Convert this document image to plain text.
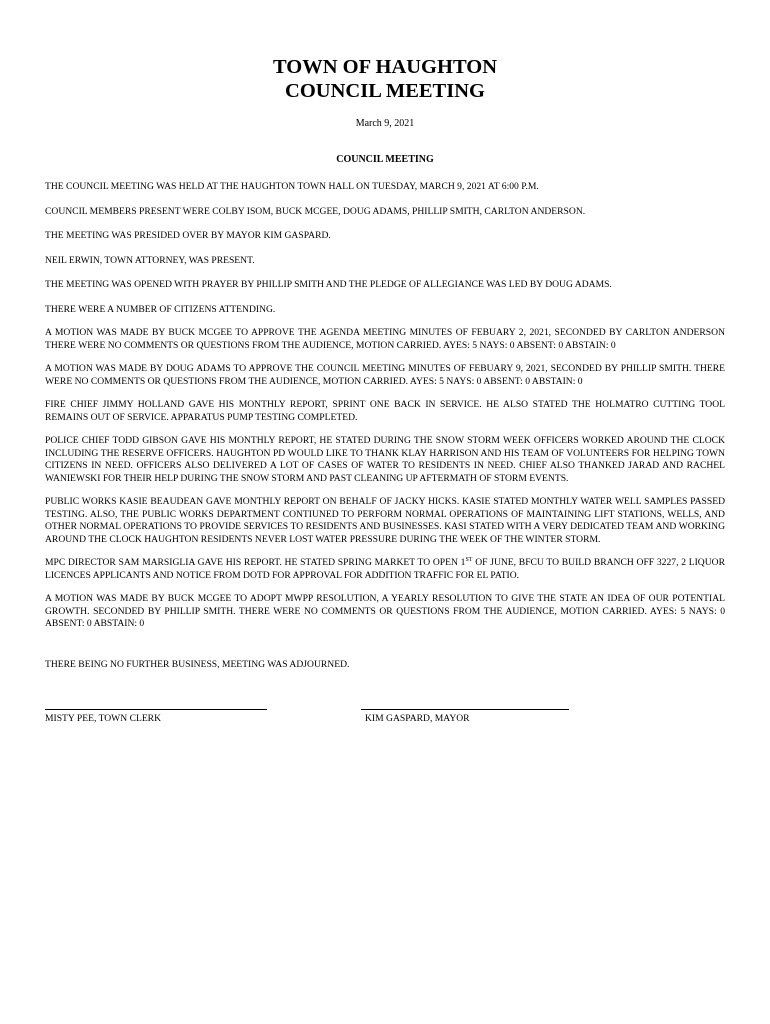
TOWN OF HAUGHTON
COUNCIL MEETING
March 9, 2021
COUNCIL MEETING

THE COUNCIL MEETING WAS HELD AT THE HAUGHTON TOWN HALL ON TUESDAY, MARCH 9, 2021 AT 6:00 P.M.

COUNCIL MEMBERS PRESENT WERE COLBY ISOM, BUCK MCGEE, DOUG ADAMS, PHILLIP SMITH, CARLTON ANDERSON.

THE MEETING WAS PRESIDED OVER BY MAYOR KIM GASPARD.

NEIL ERWIN, TOWN ATTORNEY, WAS PRESENT.

THE MEETING WAS OPENED WITH PRAYER BY PHILLIP SMITH AND THE PLEDGE OF ALLEGIANCE WAS LED BY DOUG ADAMS.

THERE WERE A NUMBER OF CITIZENS ATTENDING.

A MOTION WAS MADE BY BUCK MCGEE TO APPROVE THE AGENDA MEETING MINUTES OF FEBUARY 2, 2021, SECONDED BY CARLTON ANDERSON THERE WERE NO COMMENTS OR QUESTIONS FROM THE AUDIENCE, MOTION CARRIED. AYES: 5 NAYS: 0 ABSENT: 0 ABSTAIN: 0

A MOTION WAS MADE BY DOUG ADAMS TO APPROVE THE COUNCIL MEETING MINUTES OF FEBUARY 9, 2021, SECONDED BY PHILLIP SMITH. THERE WERE NO COMMENTS OR QUESTIONS FROM THE AUDIENCE, MOTION CARRIED. AYES: 5 NAYS: 0 ABSENT: 0 ABSTAIN: 0

FIRE CHIEF JIMMY HOLLAND GAVE HIS MONTHLY REPORT, SPRINT ONE BACK IN SERVICE. HE ALSO STATED THE HOLMATRO CUTTING TOOL REMAINS OUT OF SERVICE. APPARATUS PUMP TESTING COMPLETED.

POLICE CHIEF TODD GIBSON GAVE HIS MONTHLY REPORT, HE STATED DURING THE SNOW STORM WEEK OFFICERS WORKED AROUND THE CLOCK INCLUDING THE RESERVE OFFICERS. HAUGHTON PD WOULD LIKE TO THANK KLAY HARRISON AND HIS TEAM OF VOLUNTEERS FOR HELPING TOWN CITIZENS IN NEED. OFFICERS ALSO DELIVERED A LOT OF CASES OF WATER TO RESIDENTS IN NEED. CHIEF ALSO THANKED JARAD AND RACHEL WANIEWSKI FOR THEIR HELP DURING THE SNOW STORM AND PAST CLEANING UP AFTERMATH OF STORM EVENTS.

PUBLIC WORKS KASIE BEAUDEAN GAVE MONTHLY REPORT ON BEHALF OF JACKY HICKS. KASIE STATED MONTHLY WATER WELL SAMPLES PASSED TESTING. ALSO, THE PUBLIC WORKS DEPARTMENT CONTIUNED TO PERFORM NORMAL OPERATIONS OF MAINTAINING LIFT STATIONS, WELLS, AND OTHER NORMAL OPERATIONS TO PROVIDE SERVICES TO RESIDENTS AND BUSINESSES. KASI STATED WITH A VERY DEDICATED TEAM AND WORKING AROUND THE CLOCK HAUGHTON RESIDENTS NEVER LOST WATER PRESSURE DURING THE WEEK OF THE WINTER STORM.

MPC DIRECTOR SAM MARSIGLIA GAVE HIS REPORT. HE STATED SPRING MARKET TO OPEN 1ST OF JUNE, BFCU TO BUILD BRANCH OFF 3227, 2 LIQUOR LICENCES APPLICANTS AND NOTICE FROM DOTD FOR APPROVAL FOR ADDITION TRAFFIC FOR EL PATIO.

A MOTION WAS MADE BY BUCK MCGEE TO ADOPT MWPP RESOLUTION, A YEARLY RESOLUTION TO GIVE THE STATE AN IDEA OF OUR POTENTIAL GROWTH. SECONDED BY PHILLIP SMITH. THERE WERE NO COMMENTS OR QUESTIONS FROM THE AUDIENCE, MOTION CARRIED. AYES: 5 NAYS: 0 ABSENT: 0 ABSTAIN: 0

THERE BEING NO FURTHER BUSINESS, MEETING WAS ADJOURNED.

MISTY PEE, TOWN CLERK	KIM GASPARD, MAYOR
